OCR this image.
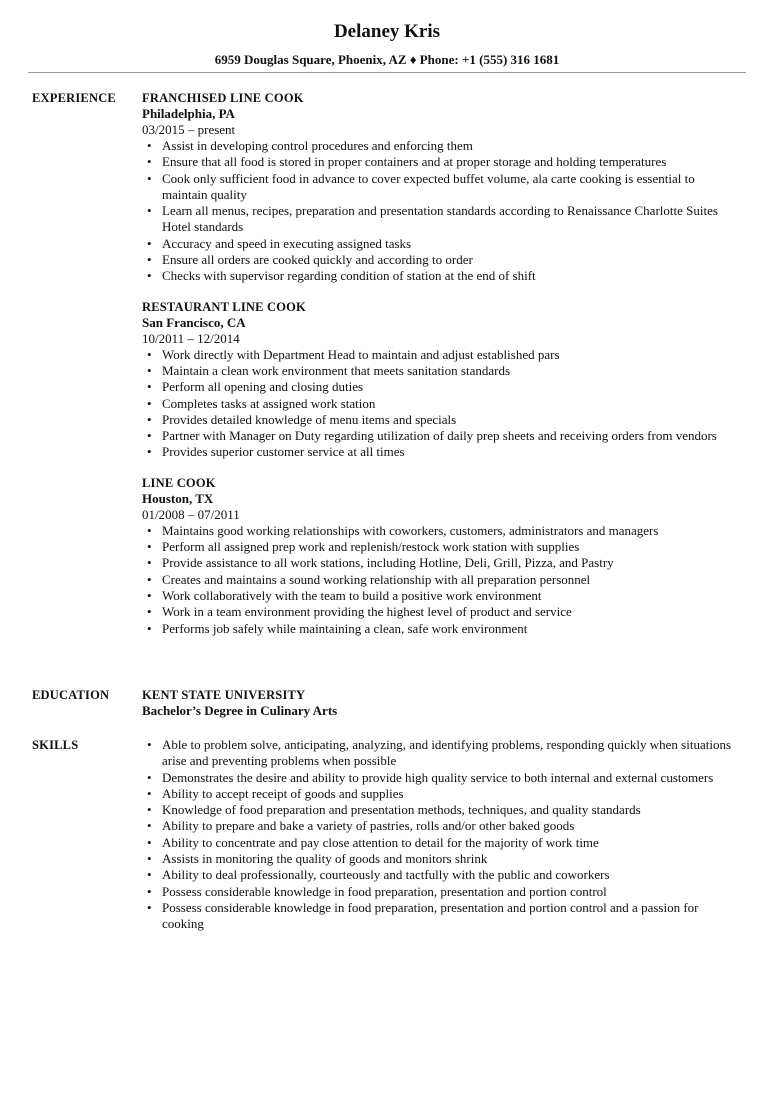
Delaney Kris
6959 Douglas Square, Phoenix, AZ ♦ Phone: +1 (555) 316 1681
EXPERIENCE FRANCHISED LINE COOK
Philadelphia, PA
03/2015 – present
• Assist in developing control procedures and enforcing them
• Ensure that all food is stored in proper containers and at proper storage and holding temperatures
• Cook only sufficient food in advance to cover expected buffet volume, ala carte cooking is essential to maintain quality
• Learn all menus, recipes, preparation and presentation standards according to Renaissance Charlotte Suites Hotel standards
• Accuracy and speed in executing assigned tasks
• Ensure all orders are cooked quickly and according to order
• Checks with supervisor regarding condition of station at the end of shift
RESTAURANT LINE COOK
San Francisco, CA
10/2011 – 12/2014
• Work directly with Department Head to maintain and adjust established pars
• Maintain a clean work environment that meets sanitation standards
• Perform all opening and closing duties
• Completes tasks at assigned work station
• Provides detailed knowledge of menu items and specials
• Partner with Manager on Duty regarding utilization of daily prep sheets and receiving orders from vendors
• Provides superior customer service at all times
LINE COOK
Houston, TX
01/2008 – 07/2011
• Maintains good working relationships with coworkers, customers, administrators and managers
• Perform all assigned prep work and replenish/restock work station with supplies
• Provide assistance to all work stations, including Hotline, Deli, Grill, Pizza, and Pastry
• Creates and maintains a sound working relationship with all preparation personnel
• Work collaboratively with the team to build a positive work environment
• Work in a team environment providing the highest level of product and service
• Performs job safely while maintaining a clean, safe work environment
EDUCATION	KENT STATE UNIVERSITY
Bachelor’s Degree in Culinary Arts
SKILLS	• Able to problem solve, anticipating, analyzing, and identifying problems, responding quickly when situations arise and preventing problems when possible
• Demonstrates the desire and ability to provide high quality service to both internal and external customers
• Ability to accept receipt of goods and supplies
• Knowledge of food preparation and presentation methods, techniques, and quality standards
• Ability to prepare and bake a variety of pastries, rolls and/or other baked goods
• Ability to concentrate and pay close attention to detail for the majority of work time
• Assists in monitoring the quality of goods and monitors shrink
• Ability to deal professionally, courteously and tactfully with the public and coworkers
• Possess considerable knowledge in food preparation, presentation and portion control
• Possess considerable knowledge in food preparation, presentation and portion control and a passion for cooking
